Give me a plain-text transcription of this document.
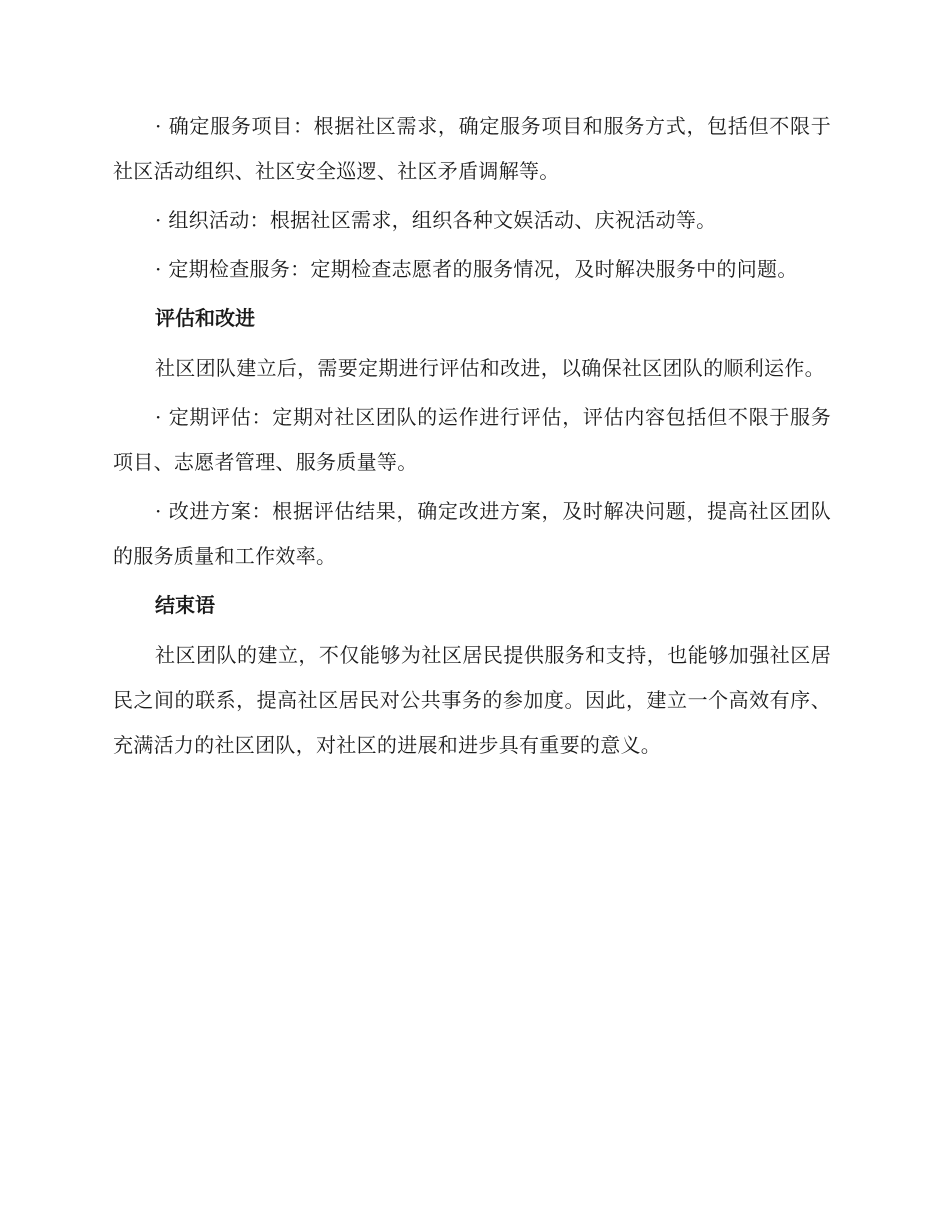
· 确定服务项目：根据社区需求，确定服务项目和服务方式，包括但不限于社区活动组织、社区安全巡逻、社区矛盾调解等。

· 组织活动：根据社区需求，组织各种文娱活动、庆祝活动等。

· 定期检查服务：定期检查志愿者的服务情况，及时解决服务中的问题。

评估和改进

社区团队建立后，需要定期进行评估和改进，以确保社区团队的顺利运作。

· 定期评估：定期对社区团队的运作进行评估，评估内容包括但不限于服务项目、志愿者管理、服务质量等。

· 改进方案：根据评估结果，确定改进方案，及时解决问题，提高社区团队的服务质量和工作效率。

结束语

社区团队的建立，不仅能够为社区居民提供服务和支持，也能够加强社区居民之间的联系，提高社区居民对公共事务的参加度。因此，建立一个高效有序、充满活力的社区团队，对社区的进展和进步具有重要的意义。
